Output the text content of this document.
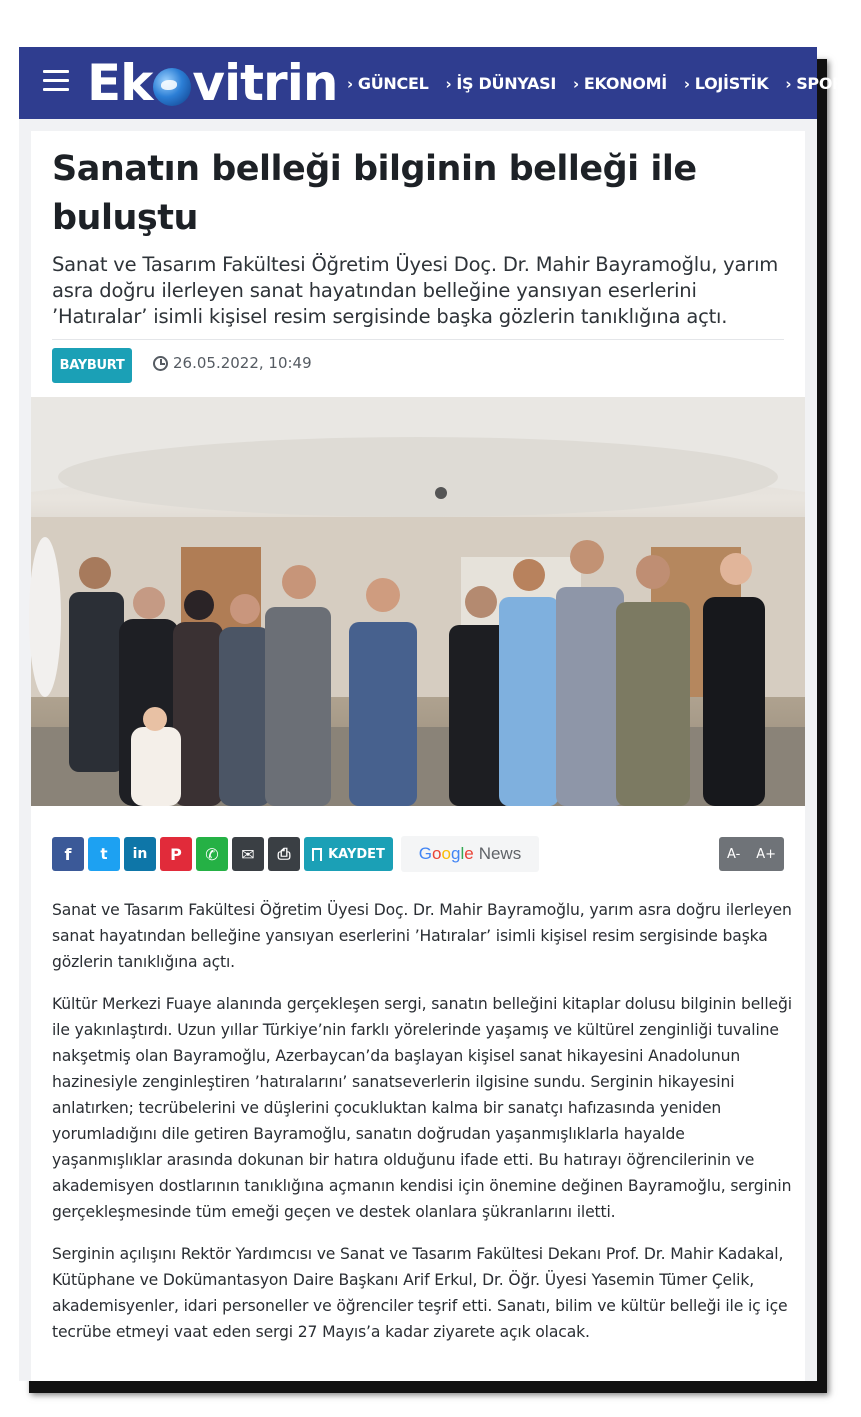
Ek vitrin › GÜNCEL › İŞ DÜNYASI › EKONOMİ › LOJİSTİK › SPOR
Sanatın belleği bilginin belleği ile buluştu

Sanat ve Tasarım Fakültesi Öğretim Üyesi Doç. Dr. Mahir Bayramoğlu, yarım asra doğru ilerleyen sanat hayatından belleğine yansıyan eserlerini ’Hatıralar’ isimli kişisel resim sergisinde başka gözlerin tanıklığına açtı.

BAYBURT	26.05.2022, 10:49
f t in P ✆ ✉ ⎙	KAYDET Google News	A- A+

Sanat ve Tasarım Fakültesi Öğretim Üyesi Doç. Dr. Mahir Bayramoğlu, yarım asra doğru ilerleyen sanat hayatından belleğine yansıyan eserlerini ’Hatıralar’ isimli kişisel resim sergisinde başka gözlerin tanıklığına açtı.

Kültür Merkezi Fuaye alanında gerçekleşen sergi, sanatın belleğini kitaplar dolusu bilginin belleği ile yakınlaştırdı. Uzun yıllar Türkiye’nin farklı yörelerinde yaşamış ve kültürel zenginliği tuvaline nakşetmiş olan Bayramoğlu, Azerbaycan’da başlayan kişisel sanat hikayesini Anadolunun hazinesiyle zenginleştiren ’hatıralarını’ sanatseverlerin ilgisine sundu. Serginin hikayesini anlatırken; tecrübelerini ve düşlerini çocukluktan kalma bir sanatçı hafızasında yeniden yorumladığını dile getiren Bayramoğlu, sanatın doğrudan yaşanmışlıklarla hayalde yaşanmışlıklar arasında dokunan bir hatıra olduğunu ifade etti. Bu hatırayı öğrencilerinin ve akademisyen dostlarının tanıklığına açmanın kendisi için önemine değinen Bayramoğlu, serginin gerçekleşmesinde tüm emeği geçen ve destek olanlara şükranlarını iletti.

Serginin açılışını Rektör Yardımcısı ve Sanat ve Tasarım Fakültesi Dekanı Prof. Dr. Mahir Kadakal, Kütüphane ve Dokümantasyon Daire Başkanı Arif Erkul, Dr. Öğr. Üyesi Yasemin Tümer Çelik, akademisyenler, idari personeller ve öğrenciler teşrif etti. Sanatı, bilim ve kültür belleği ile iç içe tecrübe etmeyi vaat eden sergi 27 Mayıs’a kadar ziyarete açık olacak.
